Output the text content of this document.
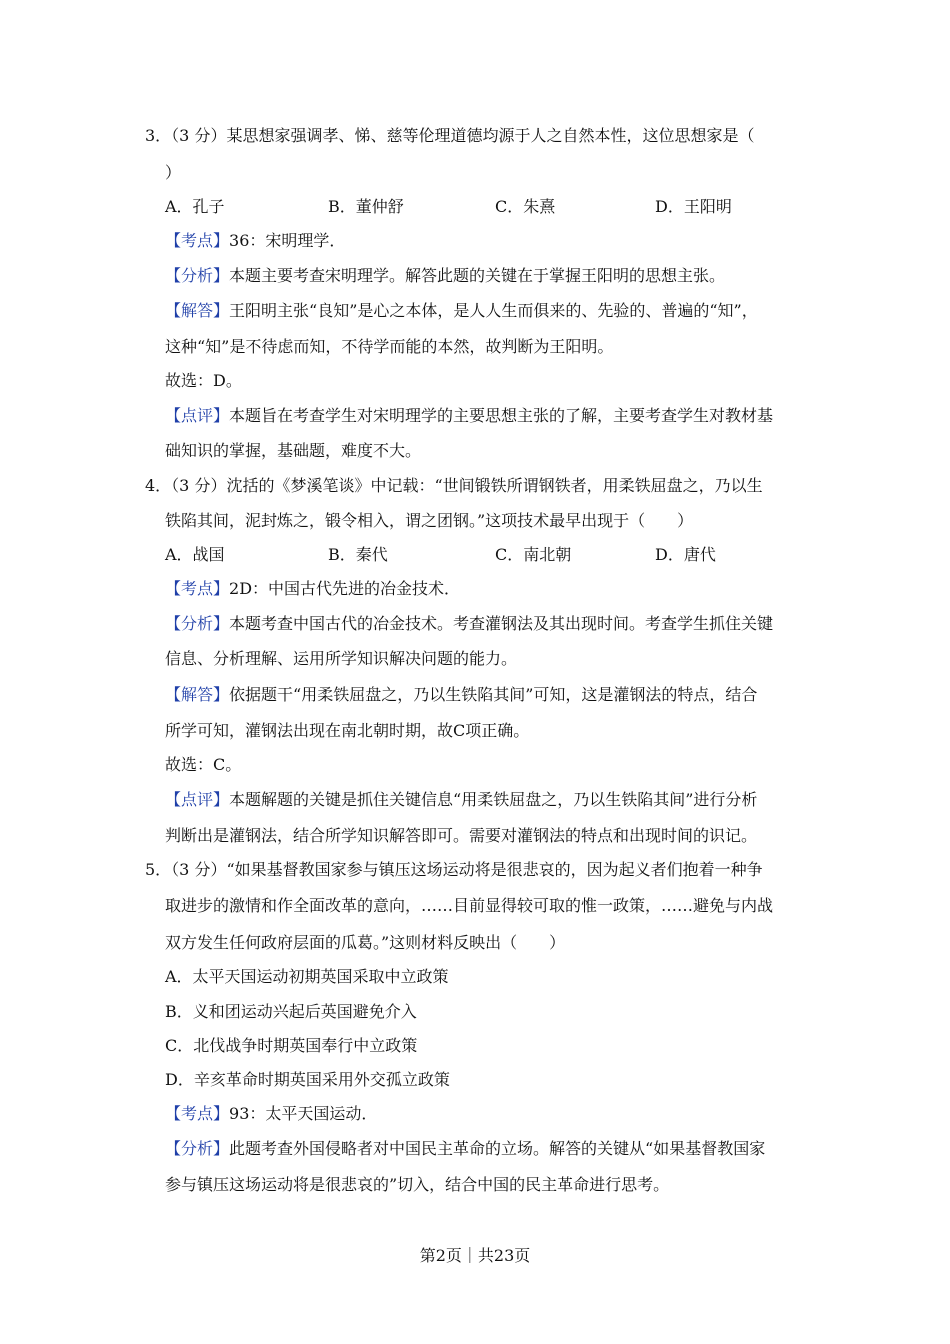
3．（3 分）某思想家强调孝、悌、慈等伦理道德均源于人之自然本性，这位思想家是（
）
A．孔子	B．董仲舒	C．朱熹	D．王阳明
【考点】36：宋明理学．
【分析】本题主要考查宋明理学。解答此题的关键在于掌握王阳明的思想主张。
【解答】王阳明主张“良知”是心之本体，是人人生而俱来的、先验的、普遍的“知”，
这种“知”是不待虑而知，不待学而能的本然，故判断为王阳明。
故选：D。
【点评】本题旨在考查学生对宋明理学的主要思想主张的了解，主要考查学生对教材基
础知识的掌握，基础题，难度不大。
4．（3 分）沈括的《梦溪笔谈》中记载：“世间锻铁所谓钢铁者，用柔铁屈盘之，乃以生
铁陷其间，泥封炼之，锻令相入，谓之团钢。”这项技术最早出现于（　　）
A．战国	B．秦代	C．南北朝	D．唐代
【考点】2D：中国古代先进的冶金技术．
【分析】本题考查中国古代的冶金技术。考查灌钢法及其出现时间。考查学生抓住关键
信息、分析理解、运用所学知识解决问题的能力。
【解答】依据题干“用柔铁屈盘之，乃以生铁陷其间”可知，这是灌钢法的特点，结合
所学可知，灌钢法出现在南北朝时期，故C项正确。
故选：C。
【点评】本题解题的关键是抓住关键信息“用柔铁屈盘之，乃以生铁陷其间”进行分析
判断出是灌钢法，结合所学知识解答即可。需要对灌钢法的特点和出现时间的识记。
5．（3 分）“如果基督教国家参与镇压这场运动将是很悲哀的，因为起义者们抱着一种争
取进步的激情和作全面改革的意向，……目前显得较可取的惟一政策，……避免与内战
双方发生任何政府层面的瓜葛。”这则材料反映出（　　）
A．太平天国运动初期英国采取中立政策
B．义和团运动兴起后英国避免介入
C．北伐战争时期英国奉行中立政策
D．辛亥革命时期英国采用外交孤立政策
【考点】93：太平天国运动．
【分析】此题考查外国侵略者对中国民主革命的立场。解答的关键从“如果基督教国家
参与镇压这场运动将是很悲哀的”切入，结合中国的民主革命进行思考。
第2页｜共23页
